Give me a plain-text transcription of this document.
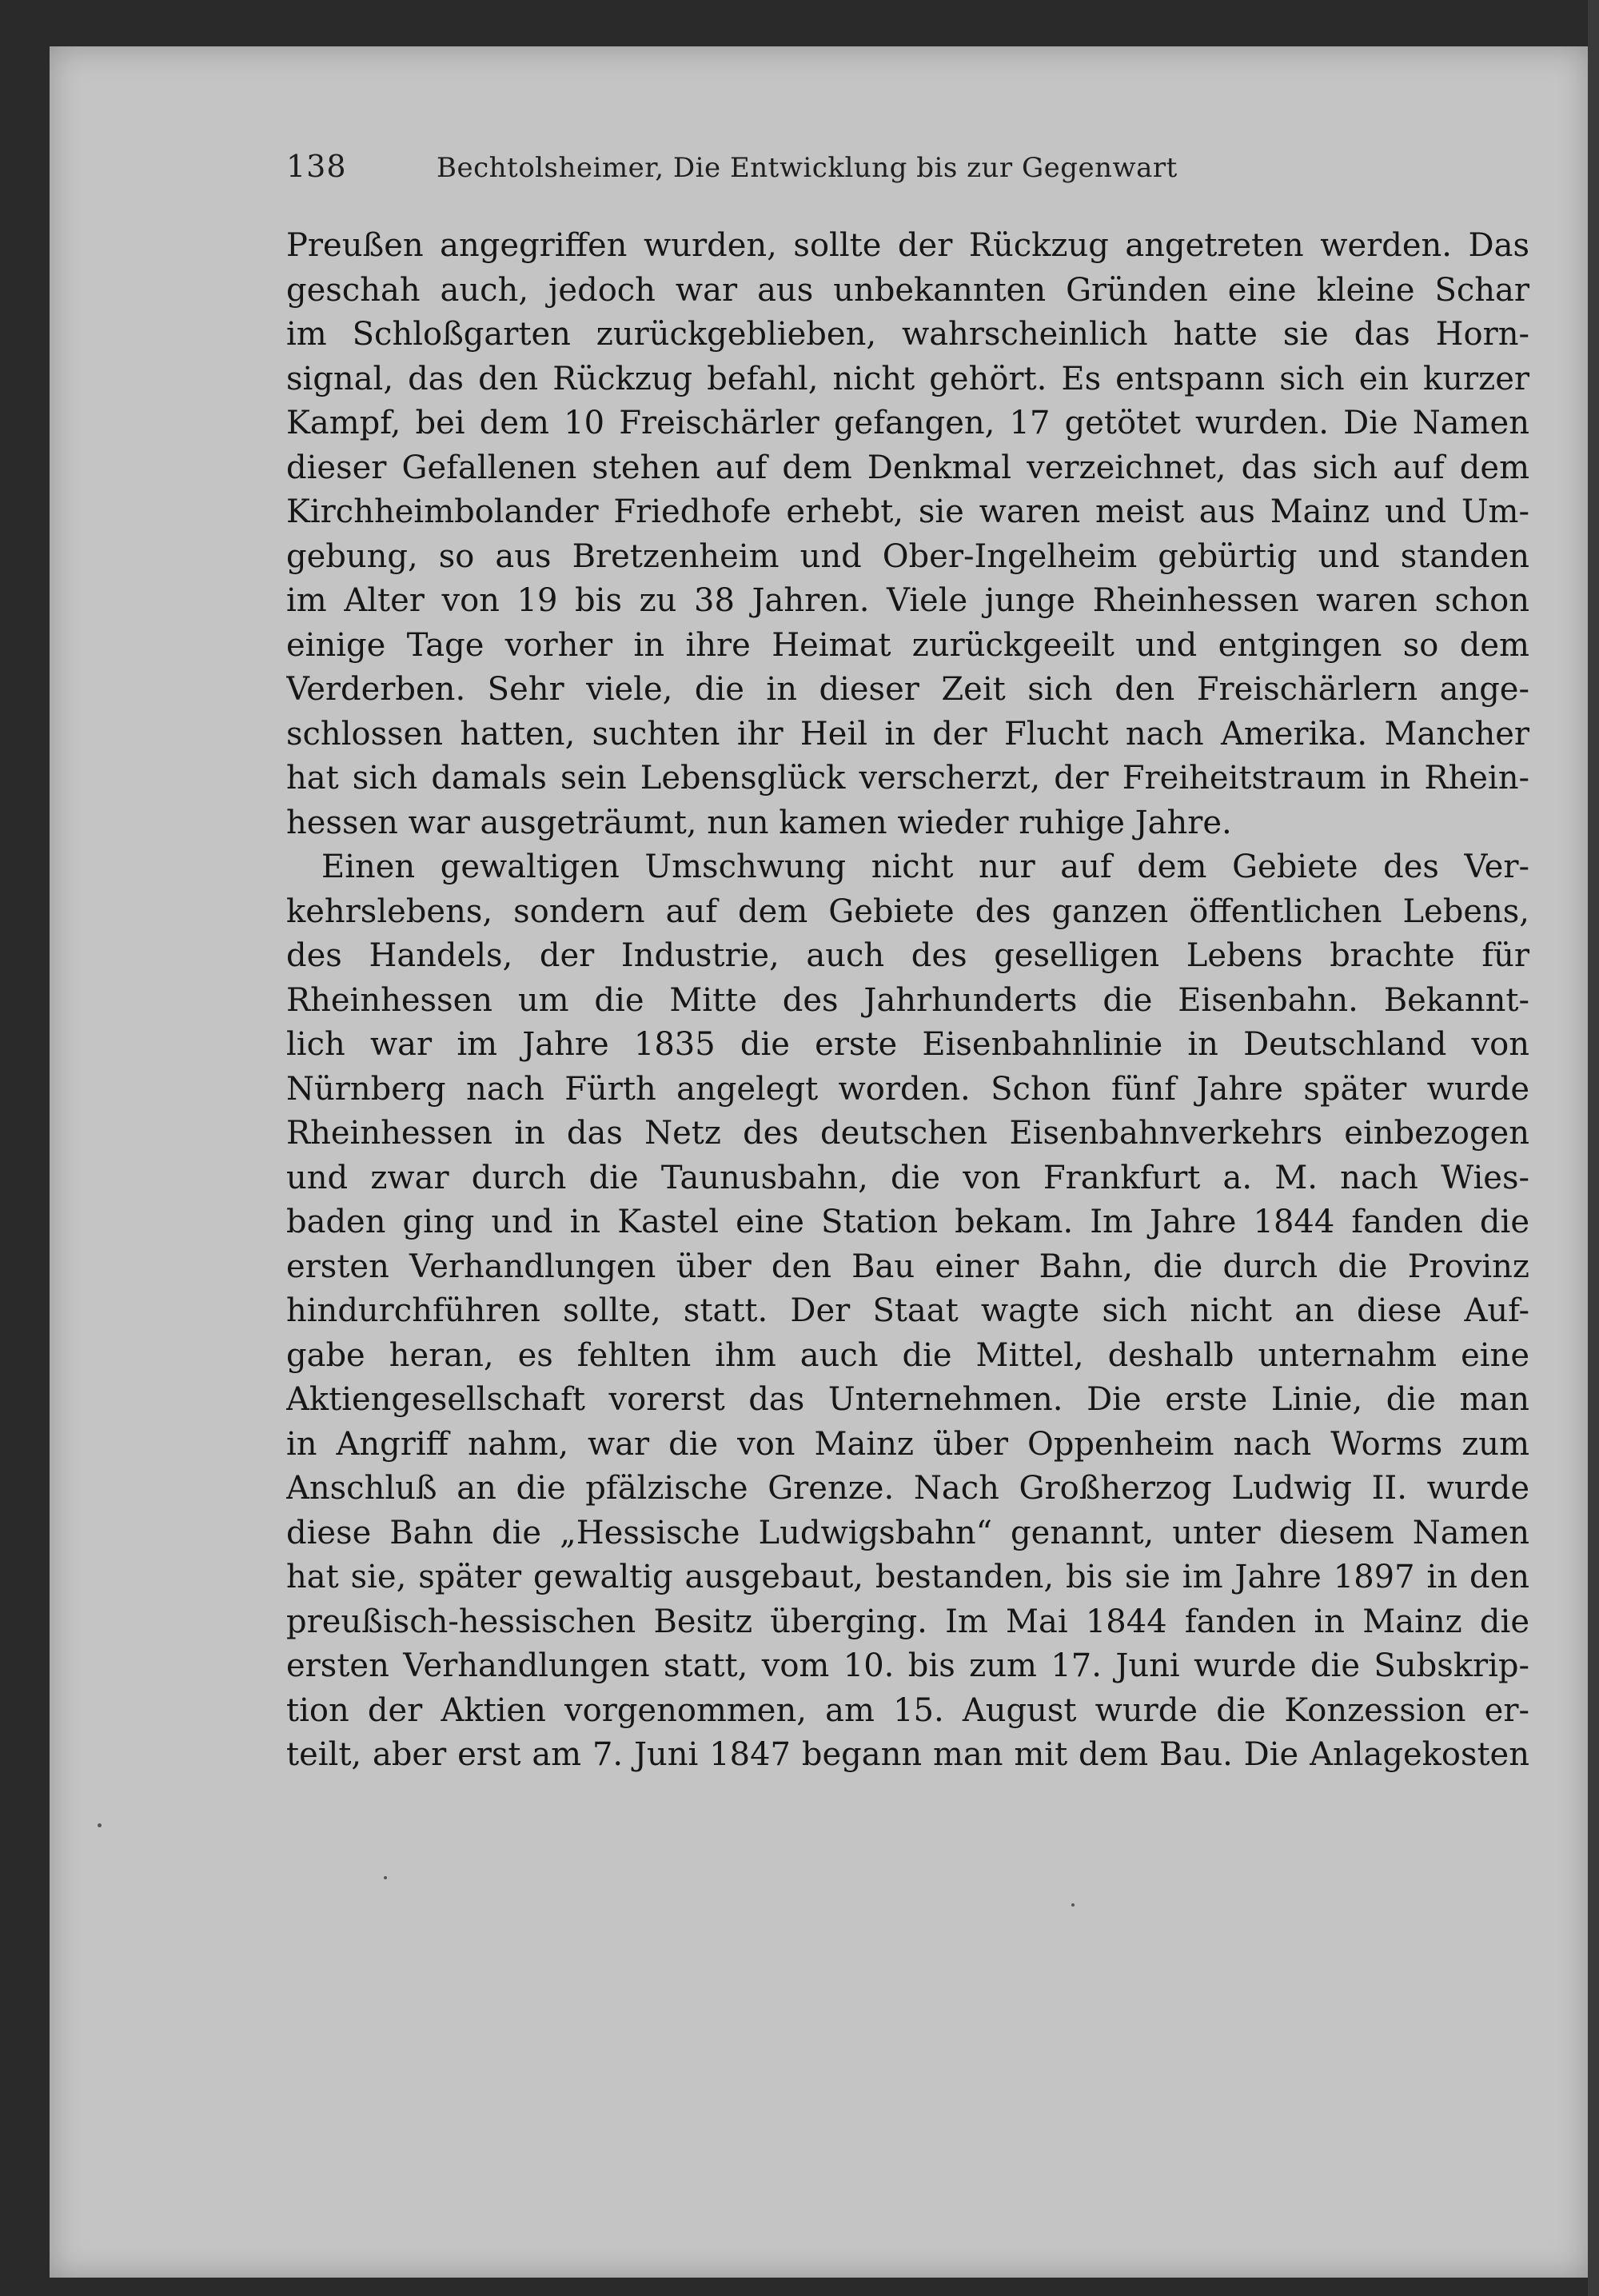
138	Bechtolsheimer, Die Entwicklung bis zur Gegenwart
Preußen angegriffen wurden, sollte der Rückzug angetreten werden. Das
geschah auch, jedoch war aus unbekannten Gründen eine kleine Schar
im Schloßgarten zurückgeblieben, wahrscheinlich hatte sie das Horn-
signal, das den Rückzug befahl, nicht gehört. Es entspann sich ein kurzer
Kampf, bei dem 10 Freischärler gefangen, 17 getötet wurden. Die Namen
dieser Gefallenen stehen auf dem Denkmal verzeichnet, das sich auf dem
Kirchheimbolander Friedhofe erhebt, sie waren meist aus Mainz und Um-
gebung, so aus Bretzenheim und Ober-Ingelheim gebürtig und standen
im Alter von 19 bis zu 38 Jahren. Viele junge Rheinhessen waren schon
einige Tage vorher in ihre Heimat zurückgeeilt und entgingen so dem
Verderben. Sehr viele, die in dieser Zeit sich den Freischärlern ange-
schlossen hatten, suchten ihr Heil in der Flucht nach Amerika. Mancher
hat sich damals sein Lebensglück verscherzt, der Freiheitstraum in Rhein-
hessen war ausgeträumt, nun kamen wieder ruhige Jahre.
Einen gewaltigen Umschwung nicht nur auf dem Gebiete des Ver-
kehrslebens, sondern auf dem Gebiete des ganzen öffentlichen Lebens,
des Handels, der Industrie, auch des geselligen Lebens brachte für
Rheinhessen um die Mitte des Jahrhunderts die Eisenbahn. Bekannt-
lich war im Jahre 1835 die erste Eisenbahnlinie in Deutschland von
Nürnberg nach Fürth angelegt worden. Schon fünf Jahre später wurde
Rheinhessen in das Netz des deutschen Eisenbahnverkehrs einbezogen
und zwar durch die Taunusbahn, die von Frankfurt a. M. nach Wies-
baden ging und in Kastel eine Station bekam. Im Jahre 1844 fanden die
ersten Verhandlungen über den Bau einer Bahn, die durch die Provinz
hindurchführen sollte, statt. Der Staat wagte sich nicht an diese Auf-
gabe heran, es fehlten ihm auch die Mittel, deshalb unternahm eine
Aktiengesellschaft vorerst das Unternehmen. Die erste Linie, die man
in Angriff nahm, war die von Mainz über Oppenheim nach Worms zum
Anschluß an die pfälzische Grenze. Nach Großherzog Ludwig II. wurde
diese Bahn die „Hessische Ludwigsbahn“ genannt, unter diesem Namen
hat sie, später gewaltig ausgebaut, bestanden, bis sie im Jahre 1897 in den
preußisch-hessischen Besitz überging. Im Mai 1844 fanden in Mainz die
ersten Verhandlungen statt, vom 10. bis zum 17. Juni wurde die Subskrip-
tion der Aktien vorgenommen, am 15. August wurde die Konzession er-
teilt, aber erst am 7. Juni 1847 begann man mit dem Bau. Die Anlagekosten
